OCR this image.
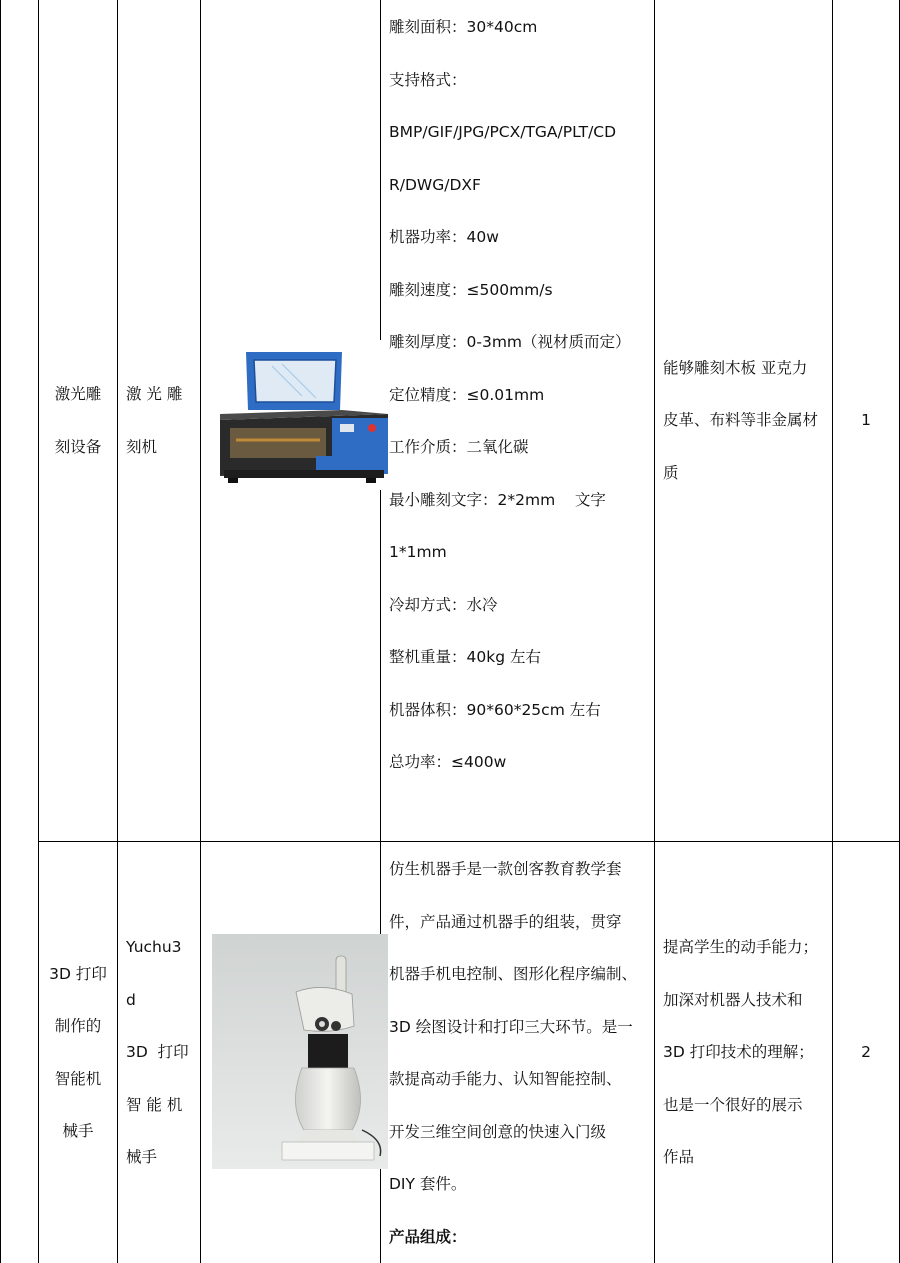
激光雕
刻设备
激 光 雕
刻机
雕刻面积：30*40cm
支持格式：
BMP/GIF/JPG/PCX/TGA/PLT/CD
R/DWG/DXF
机器功率：40w
雕刻速度：≤500mm/s
雕刻厚度：0-3mm（视材质而定）
定位精度：≤0.01mm
工作介质：二氧化碳
最小雕刻文字：2*2mm    文字
1*1mm
冷却方式：水冷
整机重量：40kg 左右
机器体积：90*60*25cm 左右
总功率：≤400w
能够雕刻木板 亚克力
皮革、布料等非金属材
质
1
3D 打印
制作的
智能机
械手
Yuchu3
d
3D  打印
智 能 机
械手
仿生机器手是一款创客教育教学套
件，产品通过机器手的组装，贯穿
机器手机电控制、图形化程序编制、
3D 绘图设计和打印三大环节。是一
款提高动手能力、认知智能控制、
开发三维空间创意的快速入门级
DIY 套件。
产品组成：
提高学生的动手能力；
加深对机器人技术和
3D 打印技术的理解；
也是一个很好的展示
作品
2
